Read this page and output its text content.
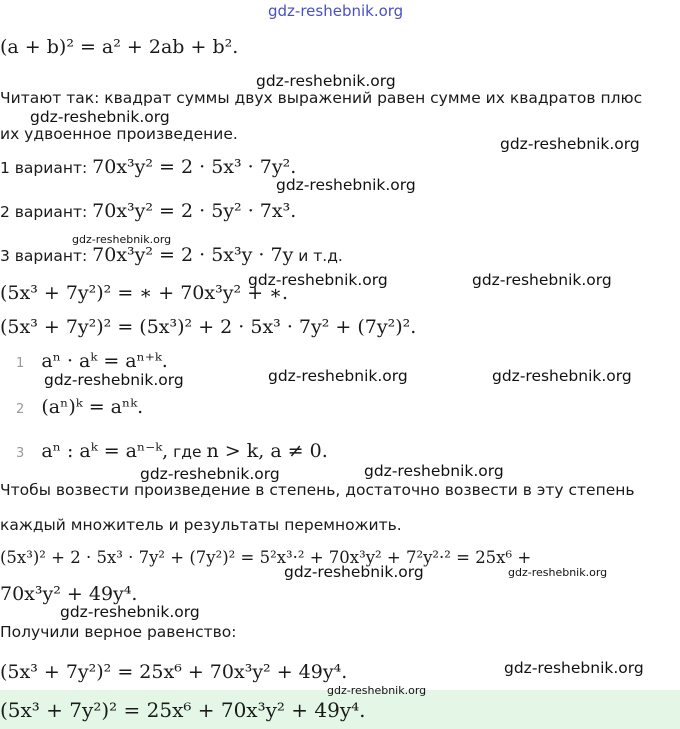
gdz-reshebnik.org
(a + b)² = a² + 2ab + b².
gdz-reshebnik.org
Читают так: квадрат суммы двух выражений равен сумме их квадратов плюс
gdz-reshebnik.org
их удвоенное произведение.
gdz-reshebnik.org
1 вариант: 70x³y² = 2 · 5x³ · 7y².
gdz-reshebnik.org
2 вариант: 70x³y² = 2 · 5y² · 7x³.
gdz-reshebnik.org
3 вариант: 70x³y² = 2 · 5x³y · 7y и т.д.
gdz-reshebnik.org	gdz-reshebnik.org
(5x³ + 7y²)² = ∗ + 70x³y² + ∗.
(5x³ + 7y²)² = (5x³)² + 2 · 5x³ · 7y² + (7y²)².
1 aⁿ · aᵏ = aⁿ⁺ᵏ.
gdz-reshebnik.org	gdz-reshebnik.org	gdz-reshebnik.org
2 (aⁿ)ᵏ = aⁿᵏ.
3 aⁿ : aᵏ = aⁿ⁻ᵏ, где n > k, a ≠ 0.
gdz-reshebnik.org	gdz-reshebnik.org
Чтобы возвести произведение в степень, достаточно возвести в эту степень
каждый множитель и результаты перемножить.
(5x³)² + 2 · 5x³ · 7y² + (7y²)² = 5²x³·² + 70x³y² + 7²y²·² = 25x⁶ +
gdz-reshebnik.org	gdz-reshebnik.org
70x³y² + 49y⁴.
gdz-reshebnik.org
Получили верное равенство:
(5x³ + 7y²)² = 25x⁶ + 70x³y² + 49y⁴.	gdz-reshebnik.org
gdz-reshebnik.org
(5x³ + 7y²)² = 25x⁶ + 70x³y² + 49y⁴.
